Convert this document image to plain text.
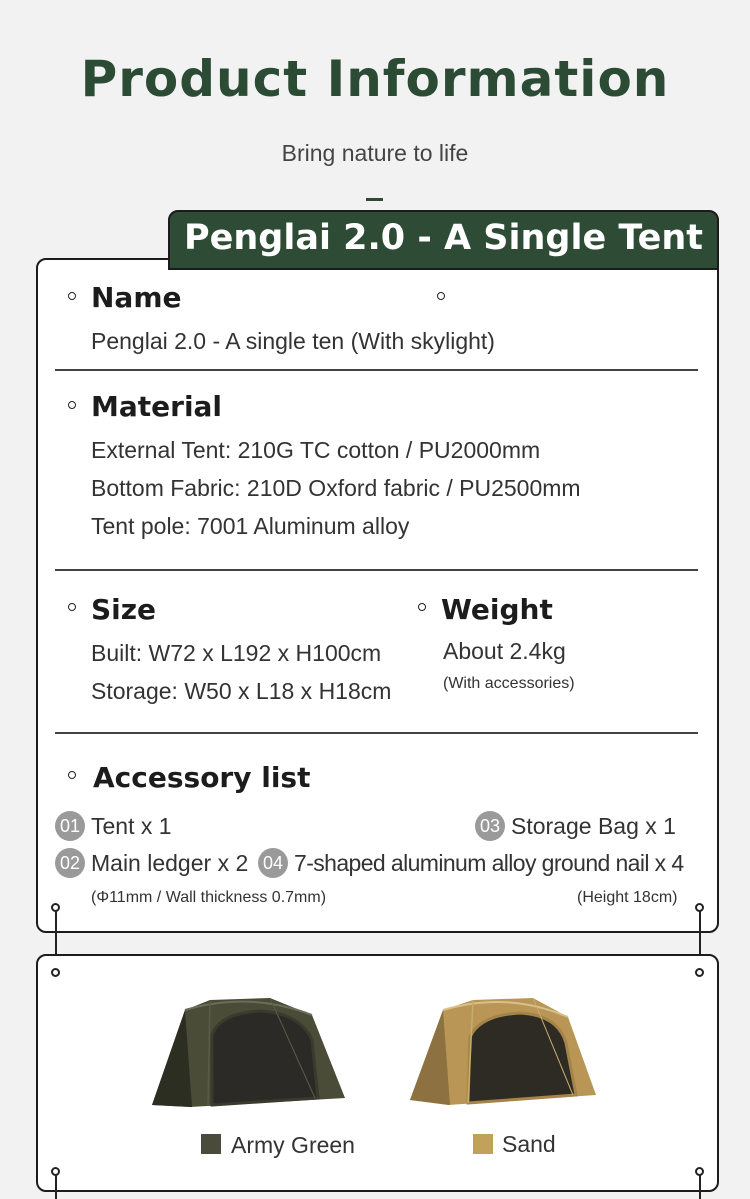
Product Information
Bring nature to life
Penglai 2.0 - A Single Tent
Name
Penglai 2.0 - A single ten (With skylight)
Material
External Tent: 210G TC cotton / PU2000mm
Bottom Fabric: 210D Oxford fabric / PU2500mm
Tent pole: 7001 Aluminum alloy
Size
Built: W72 x L192 x H100cm
Storage: W50 x L18 x H18cm
Weight
About 2.4kg
(With accessories)
Accessory list
01 Tent x 1	03 Storage Bag x 1
02 Main ledger x 2 04 7-shaped aluminum alloy ground nail x 4
(Φ11mm / Wall thickness 0.7mm)	(Height 18cm)
Army Green	Sand
